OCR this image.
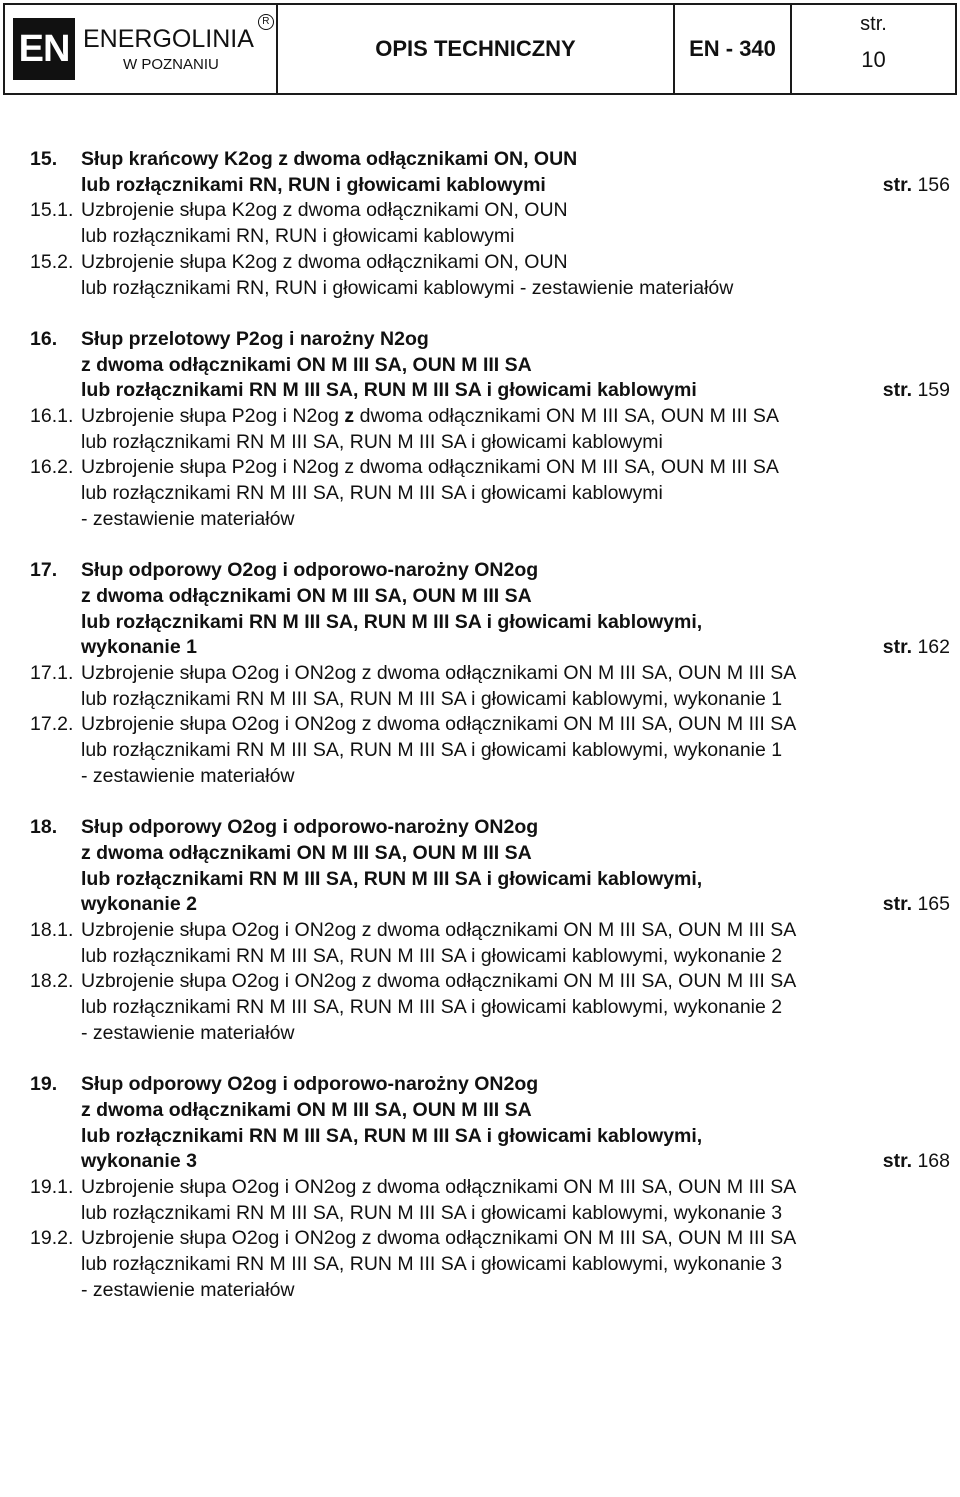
EN ENERGOLINIA
R
W POZNANIU
OPIS TECHNICZNY	EN - 340
str.
10
15.	Słup krańcowy K2og z dwoma odłącznikami ON, OUN
lub rozłącznikami RN, RUN i głowicami kablowymi	str. 156
15.1. Uzbrojenie słupa K2og z dwoma odłącznikami ON, OUN
lub rozłącznikami RN, RUN i głowicami kablowymi
15.2. Uzbrojenie słupa K2og z dwoma odłącznikami ON, OUN
lub rozłącznikami RN, RUN i głowicami kablowymi - zestawienie materiałów
16.	Słup przelotowy P2og i narożny N2og
z dwoma odłącznikami ON M III SA, OUN M III SA
lub rozłącznikami RN M III SA, RUN M III SA i głowicami kablowymi	str. 159
16.1. Uzbrojenie słupa P2og i N2og z dwoma odłącznikami ON M III SA, OUN M III SA
lub rozłącznikami RN M III SA, RUN M III SA i głowicami kablowymi
16.2. Uzbrojenie słupa P2og i N2og z dwoma odłącznikami ON M III SA, OUN M III SA
lub rozłącznikami RN M III SA, RUN M III SA i głowicami kablowymi
- zestawienie materiałów
17.	Słup odporowy O2og i odporowo-narożny ON2og
z dwoma odłącznikami ON M III SA, OUN M III SA
lub rozłącznikami RN M III SA, RUN M III SA i głowicami kablowymi,
wykonanie 1	str. 162
17.1. Uzbrojenie słupa O2og i ON2og z dwoma odłącznikami ON M III SA, OUN M III SA
lub rozłącznikami RN M III SA, RUN M III SA i głowicami kablowymi, wykonanie 1
17.2. Uzbrojenie słupa O2og i ON2og z dwoma odłącznikami ON M III SA, OUN M III SA
lub rozłącznikami RN M III SA, RUN M III SA i głowicami kablowymi, wykonanie 1
- zestawienie materiałów
18.	Słup odporowy O2og i odporowo-narożny ON2og
z dwoma odłącznikami ON M III SA, OUN M III SA
lub rozłącznikami RN M III SA, RUN M III SA i głowicami kablowymi,
wykonanie 2	str. 165
18.1. Uzbrojenie słupa O2og i ON2og z dwoma odłącznikami ON M III SA, OUN M III SA
lub rozłącznikami RN M III SA, RUN M III SA i głowicami kablowymi, wykonanie 2
18.2. Uzbrojenie słupa O2og i ON2og z dwoma odłącznikami ON M III SA, OUN M III SA
lub rozłącznikami RN M III SA, RUN M III SA i głowicami kablowymi, wykonanie 2
- zestawienie materiałów
19.	Słup odporowy O2og i odporowo-narożny ON2og
z dwoma odłącznikami ON M III SA, OUN M III SA
lub rozłącznikami RN M III SA, RUN M III SA i głowicami kablowymi,
wykonanie 3	str. 168
19.1. Uzbrojenie słupa O2og i ON2og z dwoma odłącznikami ON M III SA, OUN M III SA
lub rozłącznikami RN M III SA, RUN M III SA i głowicami kablowymi, wykonanie 3
19.2. Uzbrojenie słupa O2og i ON2og z dwoma odłącznikami ON M III SA, OUN M III SA
lub rozłącznikami RN M III SA, RUN M III SA i głowicami kablowymi, wykonanie 3
- zestawienie materiałów
